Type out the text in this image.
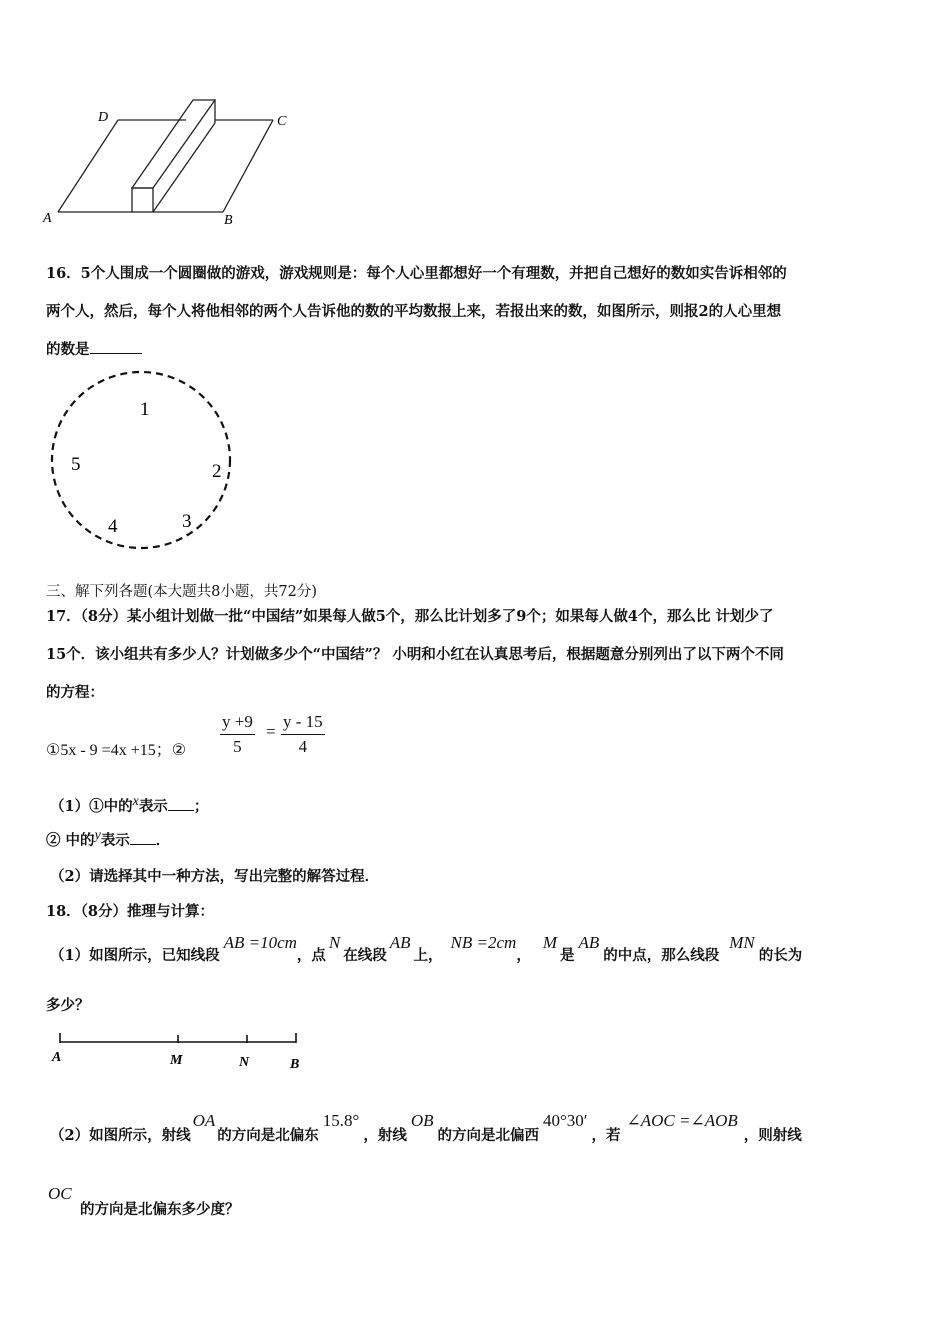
A	B
C
D
16．5个人围成一个圆圈做的游戏，游戏规则是：每个人心里都想好一个有理数，并把自己想好的数如实告诉相邻的
两个人，然后，每个人将他相邻的两个人告诉他的数的平均数报上来，若报出来的数，如图所示，则报2的人心里想
的数是
1
2
3
4
5
三、解下列各题(本大题共8小题，共72分)
17．（8分）某小组计划做一批“中国结”如果每人做5个，那么比计划多了9个；如果每人做4个，那么比 计划少了
15个．该小组共有多少人？计划做多少个“中国结”？ 小明和小红在认真思考后，根据题意分别列出了以下两个不同
的方程：
①5x - 9 =4x +15；② $\frac{y +9}{5} = \frac{y - 15}{4}$
（1）①中的x表示 ；
② 中的y表示 ．
（2）请选择其中一种方法，写出完整的解答过程．
18．（8分）推理与计算：
（1）如图所示，已知线段AB =10cm，点N在线段AB上，NB =2cm，M是AB的中点，那么线段MN的长为
多少？
A	M	N	B
（2）如图所示，射线OA的方向是北偏东15.8°，射线OB的方向是北偏西40°30′，若∠AOC =∠AOB，则射线
OC
的方向是北偏东多少度？
